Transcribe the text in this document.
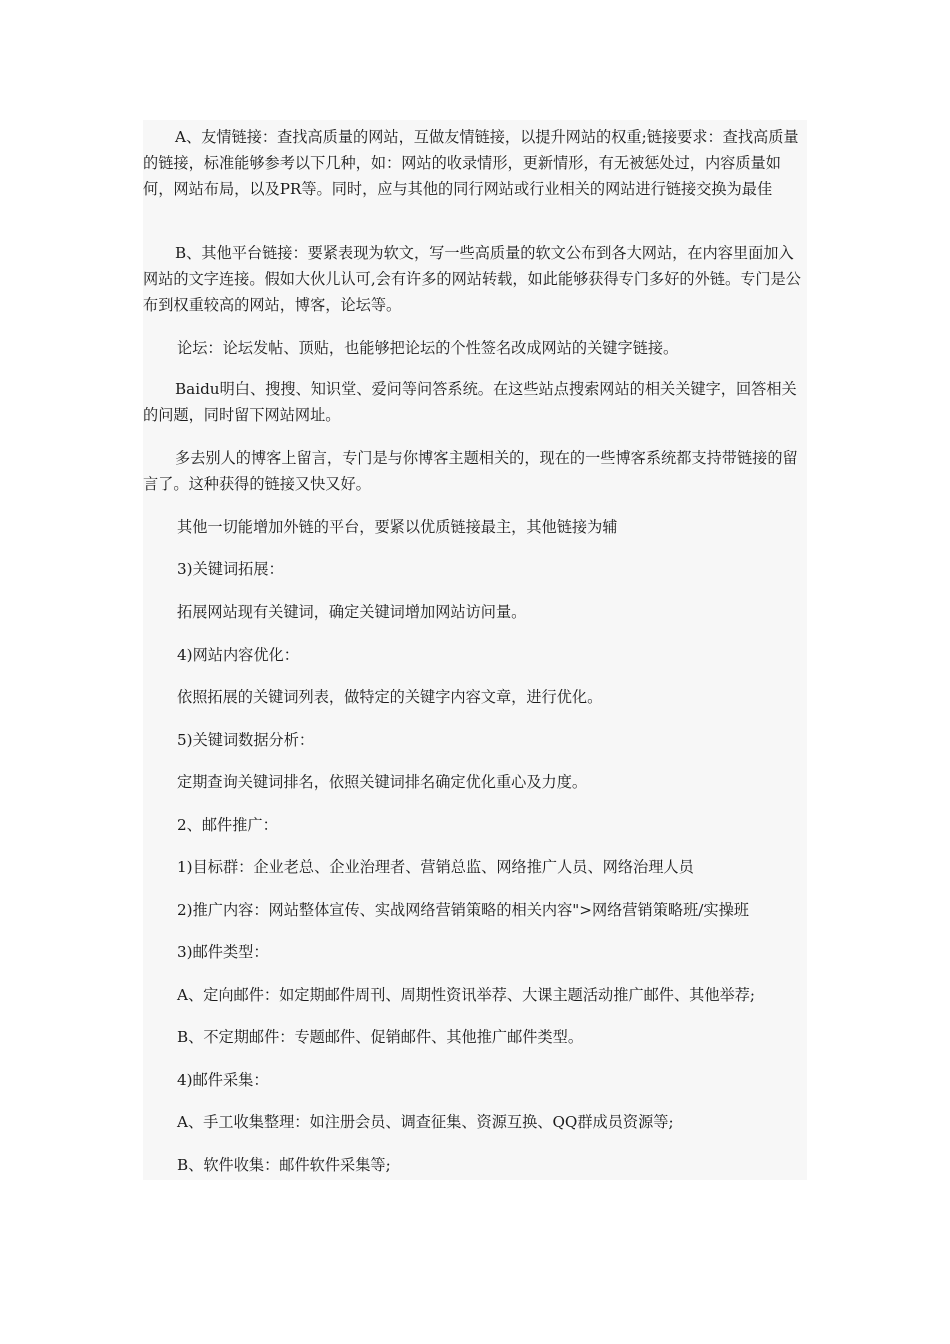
A、友情链接：查找高质量的网站，互做友情链接，以提升网站的权重;链接要求：查找高质量的链接，标准能够参考以下几种，如：网站的收录情形，更新情形，有无被惩处过，内容质量如何，网站布局，以及PR等。同时，应与其他的同行网站或行业相关的网站进行链接交换为最佳

B、其他平台链接：要紧表现为软文，写一些高质量的软文公布到各大网站，在内容里面加入网站的文字连接。假如大伙儿认可,会有许多的网站转载，如此能够获得专门多好的外链。专门是公布到权重较高的网站，博客，论坛等。

论坛：论坛发帖、顶贴，也能够把论坛的个性签名改成网站的关键字链接。

Baidu明白、搜搜、知识堂、爱问等问答系统。在这些站点搜索网站的相关关键字，回答相关的问题，同时留下网站网址。

多去别人的博客上留言，专门是与你博客主题相关的，现在的一些博客系统都支持带链接的留言了。这种获得的链接又快又好。

其他一切能增加外链的平台，要紧以优质链接最主，其他链接为辅

3)关键词拓展：

拓展网站现有关键词，确定关键词增加网站访问量。

4)网站内容优化：

依照拓展的关键词列表，做特定的关键字内容文章，进行优化。

5)关键词数据分析：

定期查询关键词排名，依照关键词排名确定优化重心及力度。

2、邮件推广：

1)目标群：企业老总、企业治理者、营销总监、网络推广人员、网络治理人员

2)推广内容：网站整体宣传、实战网络营销策略的相关内容">网络营销策略班/实操班

3)邮件类型：

A、定向邮件：如定期邮件周刊、周期性资讯举荐、大课主题活动推广邮件、其他举荐;

B、不定期邮件：专题邮件、促销邮件、其他推广邮件类型。

4)邮件采集：

A、手工收集整理：如注册会员、调查征集、资源互换、QQ群成员资源等;

B、软件收集：邮件软件采集等;
